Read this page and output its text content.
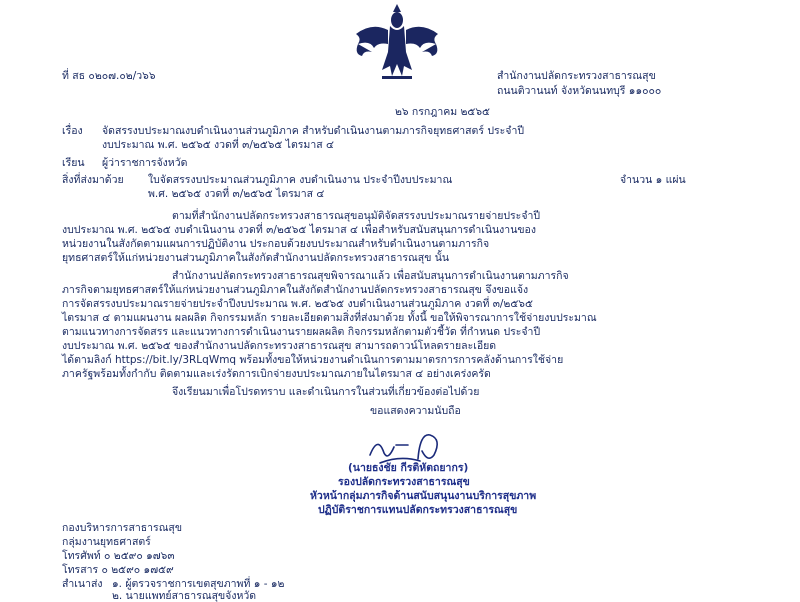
ที่ สธ ๐๒๐๗.๐๒/ว๖๖	สำนักงานปลัดกระทรวงสาธารณสุข
ถนนติวานนท์ จังหวัดนนทบุรี ๑๑๐๐๐
๒๖ กรกฎาคม ๒๕๖๕
เรื่อง จัดสรรงบประมาณงบดำเนินงานส่วนภูมิภาค สำหรับดำเนินงานตามภารกิจยุทธศาสตร์ ประจำปี
งบประมาณ พ.ศ. ๒๕๖๕ งวดที่ ๓/๒๕๖๕ ไตรมาส ๔
เรียน ผู้ว่าราชการจังหวัด
สิ่งที่ส่งมาด้วย ใบจัดสรรงบประมาณส่วนภูมิภาค งบดำเนินงาน ประจำปีงบประมาณ
พ.ศ. ๒๕๖๕ งวดที่ ๓/๒๕๖๕ ไตรมาส ๔
จำนวน ๑ แผ่น
ตามที่สำนักงานปลัดกระทรวงสาธารณสุขอนุมัติจัดสรรงบประมาณรายจ่ายประจำปี
งบประมาณ พ.ศ. ๒๕๖๕ งบดำเนินงาน งวดที่ ๓/๒๕๖๕ ไตรมาส ๔ เพื่อสำหรับสนับสนุนการดำเนินงานของ
หน่วยงานในสังกัดตามแผนการปฏิบัติงาน ประกอบด้วยงบประมาณสำหรับดำเนินงานตามภารกิจ
ยุทธศาสตร์ให้แก่หน่วยงานส่วนภูมิภาคในสังกัดสำนักงานปลัดกระทรวงสาธารณสุข นั้น
สำนักงานปลัดกระทรวงสาธารณสุขพิจารณาแล้ว เพื่อสนับสนุนการดำเนินงานตามภารกิจ
ภารกิจตามยุทธศาสตร์ให้แก่หน่วยงานส่วนภูมิภาคในสังกัดสำนักงานปลัดกระทรวงสาธารณสุข จึงขอแจ้ง
การจัดสรรงบประมาณรายจ่ายประจำปีงบประมาณ พ.ศ. ๒๕๖๕ งบดำเนินงานส่วนภูมิภาค งวดที่ ๓/๒๕๖๕
ไตรมาส ๔ ตามแผนงาน ผลผลิต กิจกรรมหลัก รายละเอียดตามสิ่งที่ส่งมาด้วย ทั้งนี้ ขอให้พิจารณาการใช้จ่ายงบประมาณ
ตามแนวทางการจัดสรร และแนวทางการดำเนินงานรายผลผลิต กิจกรรมหลักตามตัวชี้วัด ที่กำหนด ประจำปี
งบประมาณ พ.ศ. ๒๕๖๕ ของสำนักงานปลัดกระทรวงสาธารณสุข สามารถดาวน์โหลดรายละเอียด
ได้ตามลิงก์ https://bit.ly/3RLqWmq พร้อมทั้งขอให้หน่วยงานดำเนินการตามมาตรการการคลังด้านการใช้จ่าย
ภาครัฐพร้อมทั้งกำกับ ติดตามและเร่งรัดการเบิกจ่ายงบประมาณภายในไตรมาส ๔ อย่างเคร่งครัด
จึงเรียนมาเพื่อโปรดทราบ และดำเนินการในส่วนที่เกี่ยวข้องต่อไปด้วย
ขอแสดงความนับถือ
(นายธงชัย กีรติหัตถยากร)
รองปลัดกระทรวงสาธารณสุข
หัวหน้ากลุ่มภารกิจด้านสนับสนุนงานบริการสุขภาพ
ปฏิบัติราชการแทนปลัดกระทรวงสาธารณสุข
กองบริหารการสาธารณสุข
กลุ่มงานยุทธศาสตร์
โทรศัพท์ ๐ ๒๕๙๐ ๑๗๖๓
โทรสาร ๐ ๒๕๙๐ ๑๗๕๙
สำเนาส่ง ๑. ผู้ตรวจราชการเขตสุขภาพที่ ๑ - ๑๒
๒. นายแพทย์สาธารณสุขจังหวัด
